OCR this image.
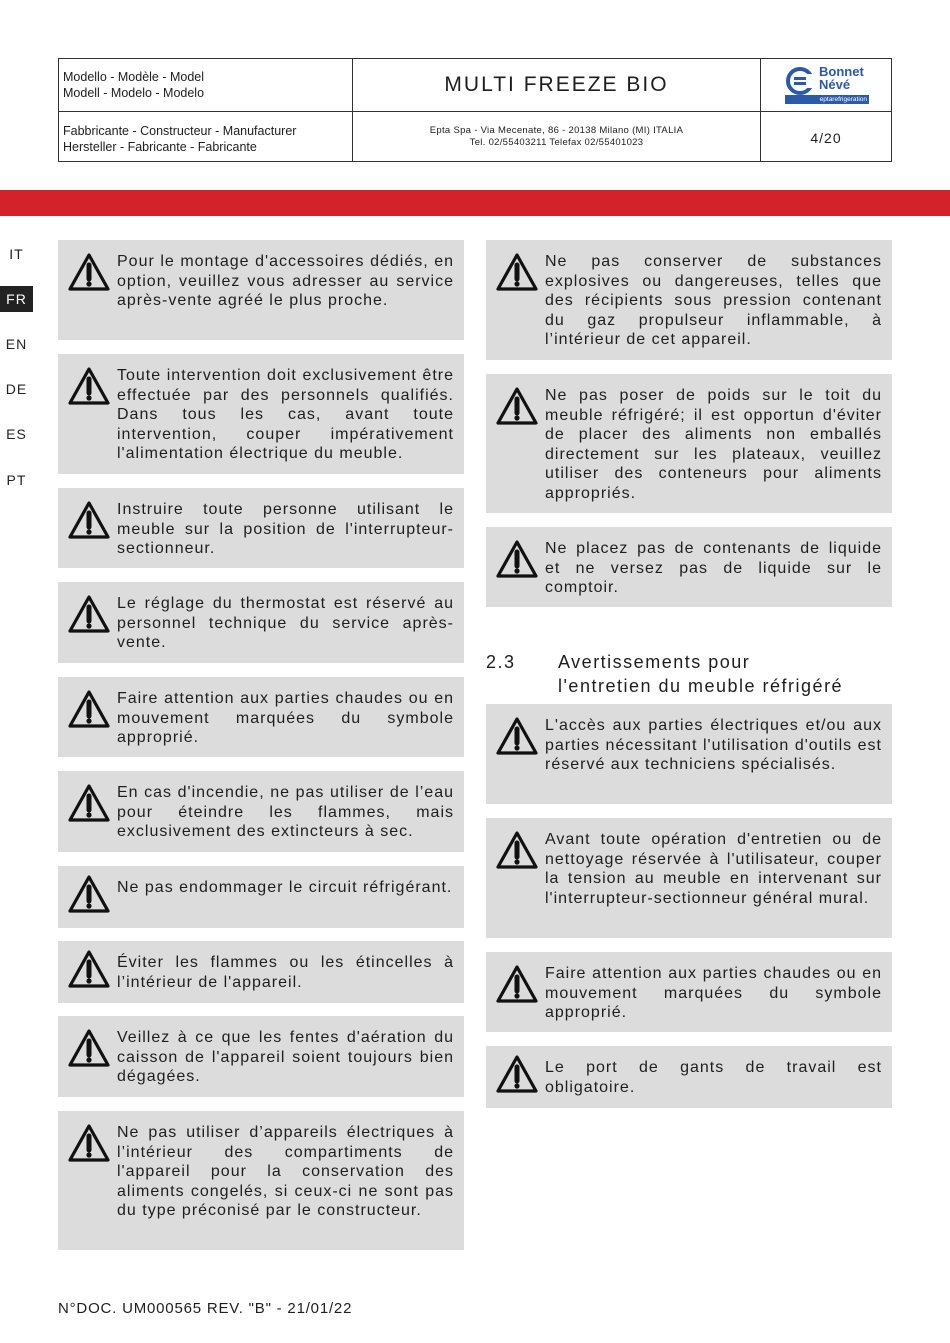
Modello - Modèle - Model
Modell - Modelo - Modelo	MULTI FREEZE BIO
Bonnet
Névé
eptarefrigeration
Fabbricante - Constructeur - Manufacturer
Hersteller - Fabricante - Fabricante
Epta Spa - Via Mecenate, 86 - 20138 Milano (MI) ITALIA
Tel. 02/55403211 Telefax 02/55401023	4/20
IT
FR
EN
DE
ES
PT
Pour le montage d'accessoires dédiés, en option, veuillez vous adresser au service après-vente agréé le plus proche.
Toute intervention doit exclusivement être effectuée par des personnels qualifiés. Dans tous les cas, avant toute intervention, couper impérativement l'alimentation électrique du meuble.
Instruire toute personne utilisant le meuble sur la position de l'interrupteur-sectionneur.
Le réglage du thermostat est réservé au personnel technique du service après-vente.
Faire attention aux parties chaudes ou en mouvement marquées du symbole approprié.
En cas d'incendie, ne pas utiliser de l’eau pour éteindre les flammes, mais exclusivement des extincteurs à sec.
Ne pas endommager le circuit réfrigérant.
Éviter les flammes ou les étincelles à l’intérieur de l'appareil.
Veillez à ce que les fentes d'aération du caisson de l'appareil soient toujours bien dégagées.
Ne pas utiliser d’appareils électriques à l’intérieur des compartiments de l'appareil pour la conservation des aliments congelés, si ceux-ci ne sont pas du type préconisé par le constructeur.
Ne pas conserver de substances explosives ou dangereuses, telles que des récipients sous pression contenant du gaz propulseur inflammable, à l’intérieur de cet appareil.
Ne pas poser de poids sur le toit du meuble réfrigéré; il est opportun d'éviter de placer des aliments non emballés directement sur les plateaux, veuillez utiliser des conteneurs pour aliments appropriés.
Ne placez pas de contenants de liquide et ne versez pas de liquide sur le comptoir.
2.3 Avertissements pour
l'entretien du meuble réfrigéré
L'accès aux parties électriques et/ou aux parties nécessitant l'utilisation d'outils est réservé aux techniciens spécialisés.
Avant toute opération d'entretien ou de nettoyage réservée à l'utilisateur, couper la tension au meuble en intervenant sur l'interrupteur-sectionneur général mural.
Faire attention aux parties chaudes ou en mouvement marquées du symbole approprié.
Le port de gants de travail est obligatoire.
N°DOC. UM000565 REV. "B" - 21/01/22
